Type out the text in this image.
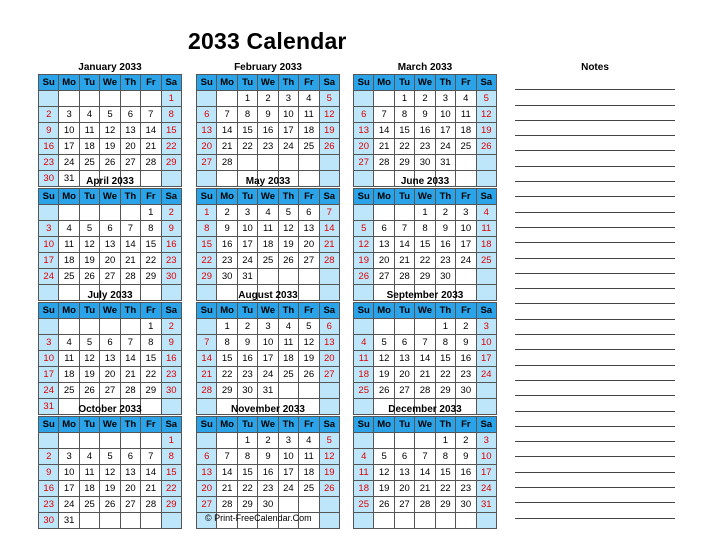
2033 Calendar
January 2033
Su	Mo	Tu	We	Th	Fr	Sa
						1
2	3	4	5	6	7	8
9	10	11	12	13	14	15
16	17	18	19	20	21	22
23	24	25	26	27	28	29
30	31					
February 2033
Su	Mo	Tu	We	Th	Fr	Sa
		1	2	3	4	5
6	7	8	9	10	11	12
13	14	15	16	17	18	19
20	21	22	23	24	25	26
27	28					

March 2033
Su	Mo	Tu	We	Th	Fr	Sa
		1	2	3	4	5
6	7	8	9	10	11	12
13	14	15	16	17	18	19
20	21	22	23	24	25	26
27	28	29	30	31		

April 2033
Su	Mo	Tu	We	Th	Fr	Sa
					1	2
3	4	5	6	7	8	9
10	11	12	13	14	15	16
17	18	19	20	21	22	23
24	25	26	27	28	29	30

May 2033
Su	Mo	Tu	We	Th	Fr	Sa
1	2	3	4	5	6	7
8	9	10	11	12	13	14
15	16	17	18	19	20	21
22	23	24	25	26	27	28
29	30	31				

June 2033
Su	Mo	Tu	We	Th	Fr	Sa
			1	2	3	4
5	6	7	8	9	10	11
12	13	14	15	16	17	18
19	20	21	22	23	24	25
26	27	28	29	30		

July 2033
Su	Mo	Tu	We	Th	Fr	Sa
					1	2
3	4	5	6	7	8	9
10	11	12	13	14	15	16
17	18	19	20	21	22	23
24	25	26	27	28	29	30
31						
August 2033
Su	Mo	Tu	We	Th	Fr	Sa
	1	2	3	4	5	6
7	8	9	10	11	12	13
14	15	16	17	18	19	20
21	22	23	24	25	26	27
28	29	30	31			

September 2033
Su	Mo	Tu	We	Th	Fr	Sa
				1	2	3
4	5	6	7	8	9	10
11	12	13	14	15	16	17
18	19	20	21	22	23	24
25	26	27	28	29	30	

October 2033
Su	Mo	Tu	We	Th	Fr	Sa
						1
2	3	4	5	6	7	8
9	10	11	12	13	14	15
16	17	18	19	20	21	22
23	24	25	26	27	28	29
30	31					
November 2033
Su	Mo	Tu	We	Th	Fr	Sa
		1	2	3	4	5
6	7	8	9	10	11	12
13	14	15	16	17	18	19
20	21	22	23	24	25	26
27	28	29	30			

December 2033
Su	Mo	Tu	We	Th	Fr	Sa
				1	2	3
4	5	6	7	8	9	10
11	12	13	14	15	16	17
18	19	20	21	22	23	24
25	26	27	28	29	30	31

Notes
© Print-FreeCalendar.Com
